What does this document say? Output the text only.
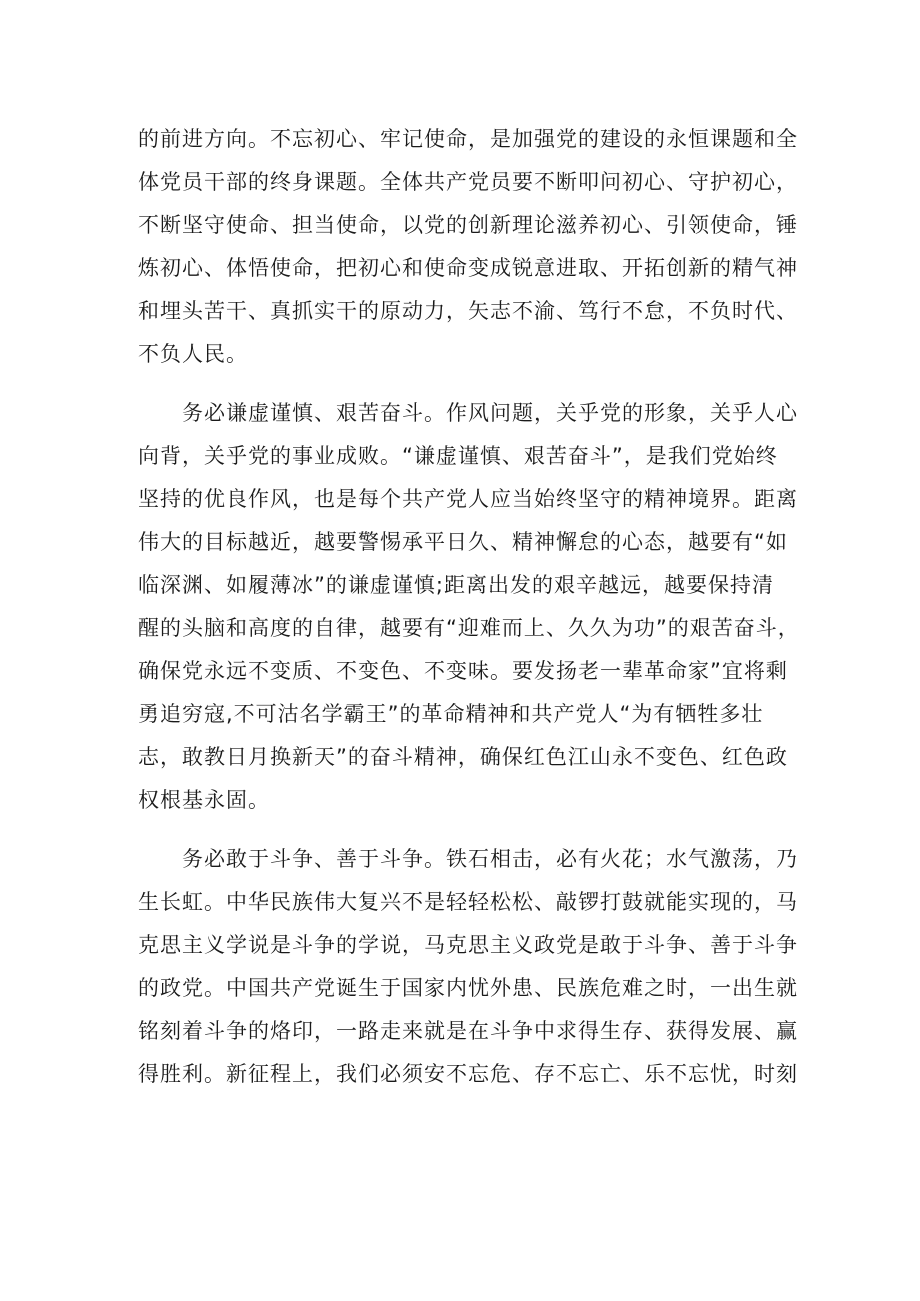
的前进方向。不忘初心、牢记使命，是加强党的建设的永恒课题和全
体党员干部的终身课题。全体共产党员要不断叩问初心、守护初心，
不断坚守使命、担当使命，以党的创新理论滋养初心、引领使命，锤
炼初心、体悟使命，把初心和使命变成锐意进取、开拓创新的精气神
和埋头苦干、真抓实干的原动力，矢志不渝、笃行不怠，不负时代、
不负人民。
　　务必谦虚谨慎、艰苦奋斗。作风问题，关乎党的形象，关乎人心
向背，关乎党的事业成败。“谦虚谨慎、艰苦奋斗”，是我们党始终
坚持的优良作风，也是每个共产党人应当始终坚守的精神境界。距离
伟大的目标越近，越要警惕承平日久、精神懈怠的心态，越要有“如
临深渊、如履薄冰”的谦虚谨慎;距离出发的艰辛越远，越要保持清
醒的头脑和高度的自律，越要有“迎难而上、久久为功”的艰苦奋斗，
确保党永远不变质、不变色、不变味。要发扬老一辈革命家”宜将剩
勇追穷寇,不可沽名学霸王”的革命精神和共产党人“为有牺牲多壮
志，敢教日月换新天”的奋斗精神，确保红色江山永不变色、红色政
权根基永固。
　　务必敢于斗争、善于斗争。铁石相击，必有火花；水气激荡，乃
生长虹。中华民族伟大复兴不是轻轻松松、敲锣打鼓就能实现的，马
克思主义学说是斗争的学说，马克思主义政党是敢于斗争、善于斗争
的政党。中国共产党诞生于国家内忧外患、民族危难之时，一出生就
铭刻着斗争的烙印，一路走来就是在斗争中求得生存、获得发展、赢
得胜利。新征程上，我们必须安不忘危、存不忘亡、乐不忘忧，时刻
